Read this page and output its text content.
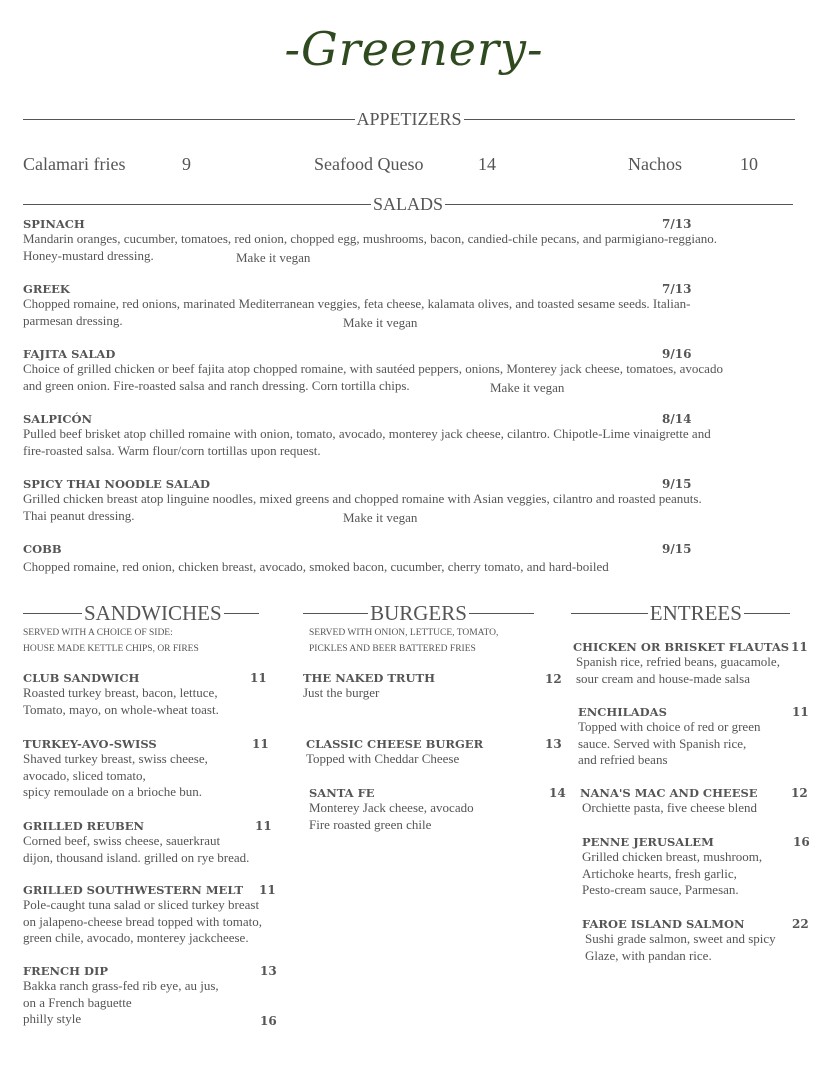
-Greenery-
APPETIZERS
Calamari fries	9	Seafood Queso	14	Nachos	10
SALADS
SPINACH	7/13
Mandarin oranges, cucumber, tomatoes, red onion, chopped egg, mushrooms, bacon, candied-chile pecans, and parmigiano-reggiano.
Honey-mustard dressing.	Make it vegan
GREEK	7/13
Chopped romaine, red onions, marinated Mediterranean veggies, feta cheese, kalamata olives, and toasted sesame seeds. Italian-
parmesan dressing.	Make it vegan
FAJITA SALAD	9/16
Choice of grilled chicken or beef fajita atop chopped romaine, with sautéed peppers, onions, Monterey jack cheese, tomatoes, avocado
and green onion. Fire-roasted salsa and ranch dressing. Corn tortilla chips.	Make it vegan
SALPICÓN	8/14
Pulled beef brisket atop chilled romaine with onion, tomato, avocado, monterey jack cheese, cilantro. Chipotle-Lime vinaigrette and
fire-roasted salsa. Warm flour/corn tortillas upon request.
SPICY THAI NOODLE SALAD	9/15
Grilled chicken breast atop linguine noodles, mixed greens and chopped romaine with Asian veggies, cilantro and roasted peanuts.
Thai peanut dressing.	Make it vegan
COBB	9/15
Chopped romaine, red onion, chicken breast, avocado, smoked bacon, cucumber, cherry tomato, and hard-boiled
SANDWICHES	BURGERS	ENTREES
SERVED WITH A CHOICE OF SIDE:
HOUSE MADE KETTLE CHIPS, OR FIRES
CLUB SANDWICH	11
Roasted turkey breast, bacon, lettuce,
Tomato, mayo, on whole-wheat toast.
TURKEY-AVO-SWISS	11
Shaved turkey breast, swiss cheese,
avocado, sliced tomato,
spicy remoulade on a brioche bun.
GRILLED REUBEN	11
Corned beef, swiss cheese, sauerkraut
dijon, thousand island. grilled on rye bread.
GRILLED SOUTHWESTERN MELT	11
Pole-caught tuna salad or sliced turkey breast
on jalapeno-cheese bread topped with tomato,
green chile, avocado, monterey jackcheese.
FRENCH DIP	13
Bakka ranch grass-fed rib eye, au jus,
on a French baguette
philly style	16
SERVED WITH ONION, LETTUCE, TOMATO,
PICKLES AND BEER BATTERED FRIES
THE NAKED TRUTH	12
Just the burger
CLASSIC CHEESE BURGER	13
Topped with Cheddar Cheese
SANTA FE	14
Monterey Jack cheese, avocado
Fire roasted green chile
CHICKEN OR BRISKET FLAUTAS 11
Spanish rice, refried beans, guacamole,
sour cream and house-made salsa
ENCHILADAS	11
Topped with choice of red or green
sauce. Served with Spanish rice,
and refried beans
NANA'S MAC AND CHEESE	12
Orchiette pasta, five cheese blend
PENNE JERUSALEM	16
Grilled chicken breast, mushroom,
Artichoke hearts, fresh garlic,
Pesto-cream sauce, Parmesan.
FAROE ISLAND SALMON	22
Sushi grade salmon, sweet and spicy
Glaze, with pandan rice.
